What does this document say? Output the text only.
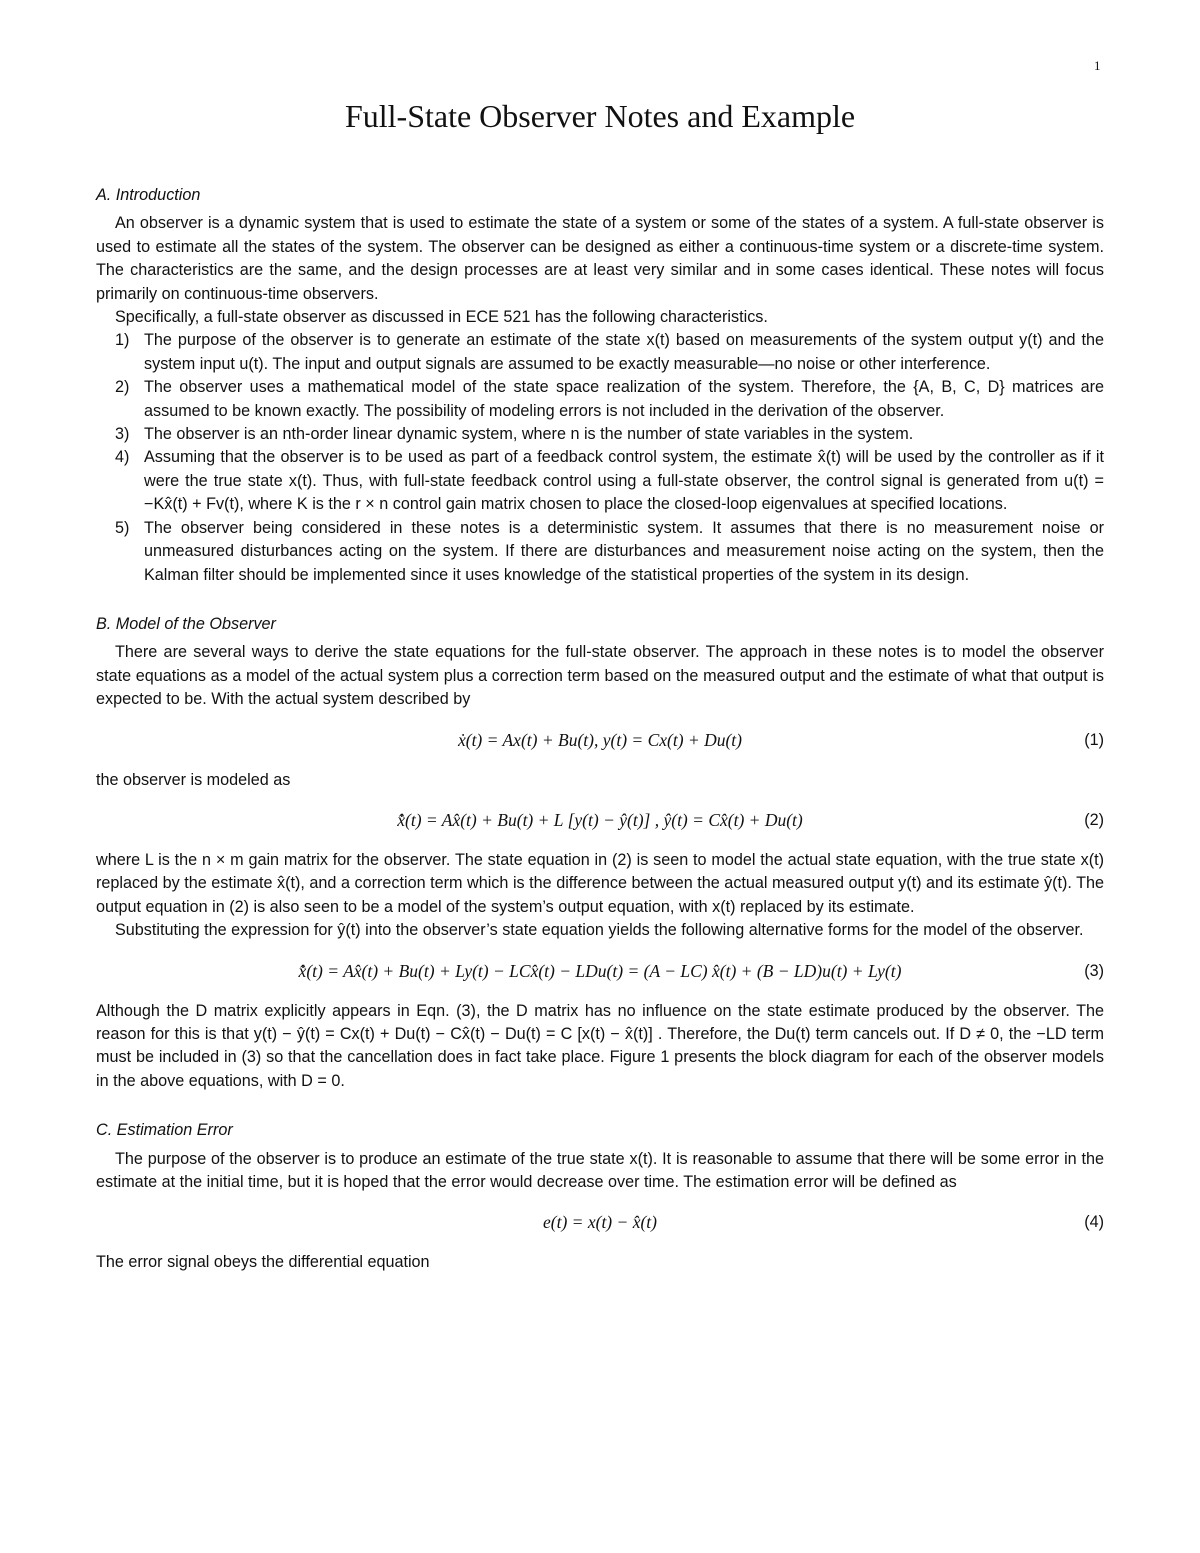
1
Full-State Observer Notes and Example
A. Introduction

An observer is a dynamic system that is used to estimate the state of a system or some of the states of a system. A full-state observer is used to estimate all the states of the system. The observer can be designed as either a continuous-time system or a discrete-time system. The characteristics are the same, and the design processes are at least very similar and in some cases identical. These notes will focus primarily on continuous-time observers.

Specifically, a full-state observer as discussed in ECE 521 has the following characteristics.

1) The purpose of the observer is to generate an estimate of the state x(t) based on measurements of the system output y(t) and the system input u(t). The input and output signals are assumed to be exactly measurable—no noise or other interference.
2) The observer uses a mathematical model of the state space realization of the system. Therefore, the {A, B, C, D} matrices are assumed to be known exactly. The possibility of modeling errors is not included in the derivation of the observer.
3) The observer is an nth-order linear dynamic system, where n is the number of state variables in the system.
4) Assuming that the observer is to be used as part of a feedback control system, the estimate x̂(t) will be used by the controller as if it were the true state x(t). Thus, with full-state feedback control using a full-state observer, the control signal is generated from u(t) = −Kx̂(t) + Fv(t), where K is the r × n control gain matrix chosen to place the closed-loop eigenvalues at specified locations.
5) The observer being considered in these notes is a deterministic system. It assumes that there is no measurement noise or unmeasured disturbances acting on the system. If there are disturbances and measurement noise acting on the system, then the Kalman filter should be implemented since it uses knowledge of the statistical properties of the system in its design.
B. Model of the Observer

There are several ways to derive the state equations for the full-state observer. The approach in these notes is to model the observer state equations as a model of the actual system plus a correction term based on the measured output and the estimate of what that output is expected to be. With the actual system described by

ẋ(t) = Ax(t) + Bu(t), y(t) = Cx(t) + Du(t)	(1)

the observer is modeled as

x̂̇(t) = Ax̂(t) + Bu(t) + L [y(t) − ŷ(t)] , ŷ(t) = Cx̂(t) + Du(t)	(2)

where L is the n × m gain matrix for the observer. The state equation in (2) is seen to model the actual state equation, with the true state x(t) replaced by the estimate x̂(t), and a correction term which is the difference between the actual measured output y(t) and its estimate ŷ(t). The output equation in (2) is also seen to be a model of the system’s output equation, with x(t) replaced by its estimate.

Substituting the expression for ŷ(t) into the observer’s state equation yields the following alternative forms for the model of the observer.

x̂̇(t) = Ax̂(t) + Bu(t) + Ly(t) − LCx̂(t) − LDu(t) = (A − LC) x̂(t) + (B − LD)u(t) + Ly(t)	(3)

Although the D matrix explicitly appears in Eqn. (3), the D matrix has no influence on the state estimate produced by the observer. The reason for this is that y(t) − ŷ(t) = Cx(t) + Du(t) − Cx̂(t) − Du(t) = C [x(t) − x̂(t)] . Therefore, the Du(t) term cancels out. If D ≠ 0, the −LD term must be included in (3) so that the cancellation does in fact take place. Figure 1 presents the block diagram for each of the observer models in the above equations, with D = 0.

C. Estimation Error

The purpose of the observer is to produce an estimate of the true state x(t). It is reasonable to assume that there will be some error in the estimate at the initial time, but it is hoped that the error would decrease over time. The estimation error will be defined as

e(t) = x(t) − x̂(t)	(4)

The error signal obeys the differential equation
